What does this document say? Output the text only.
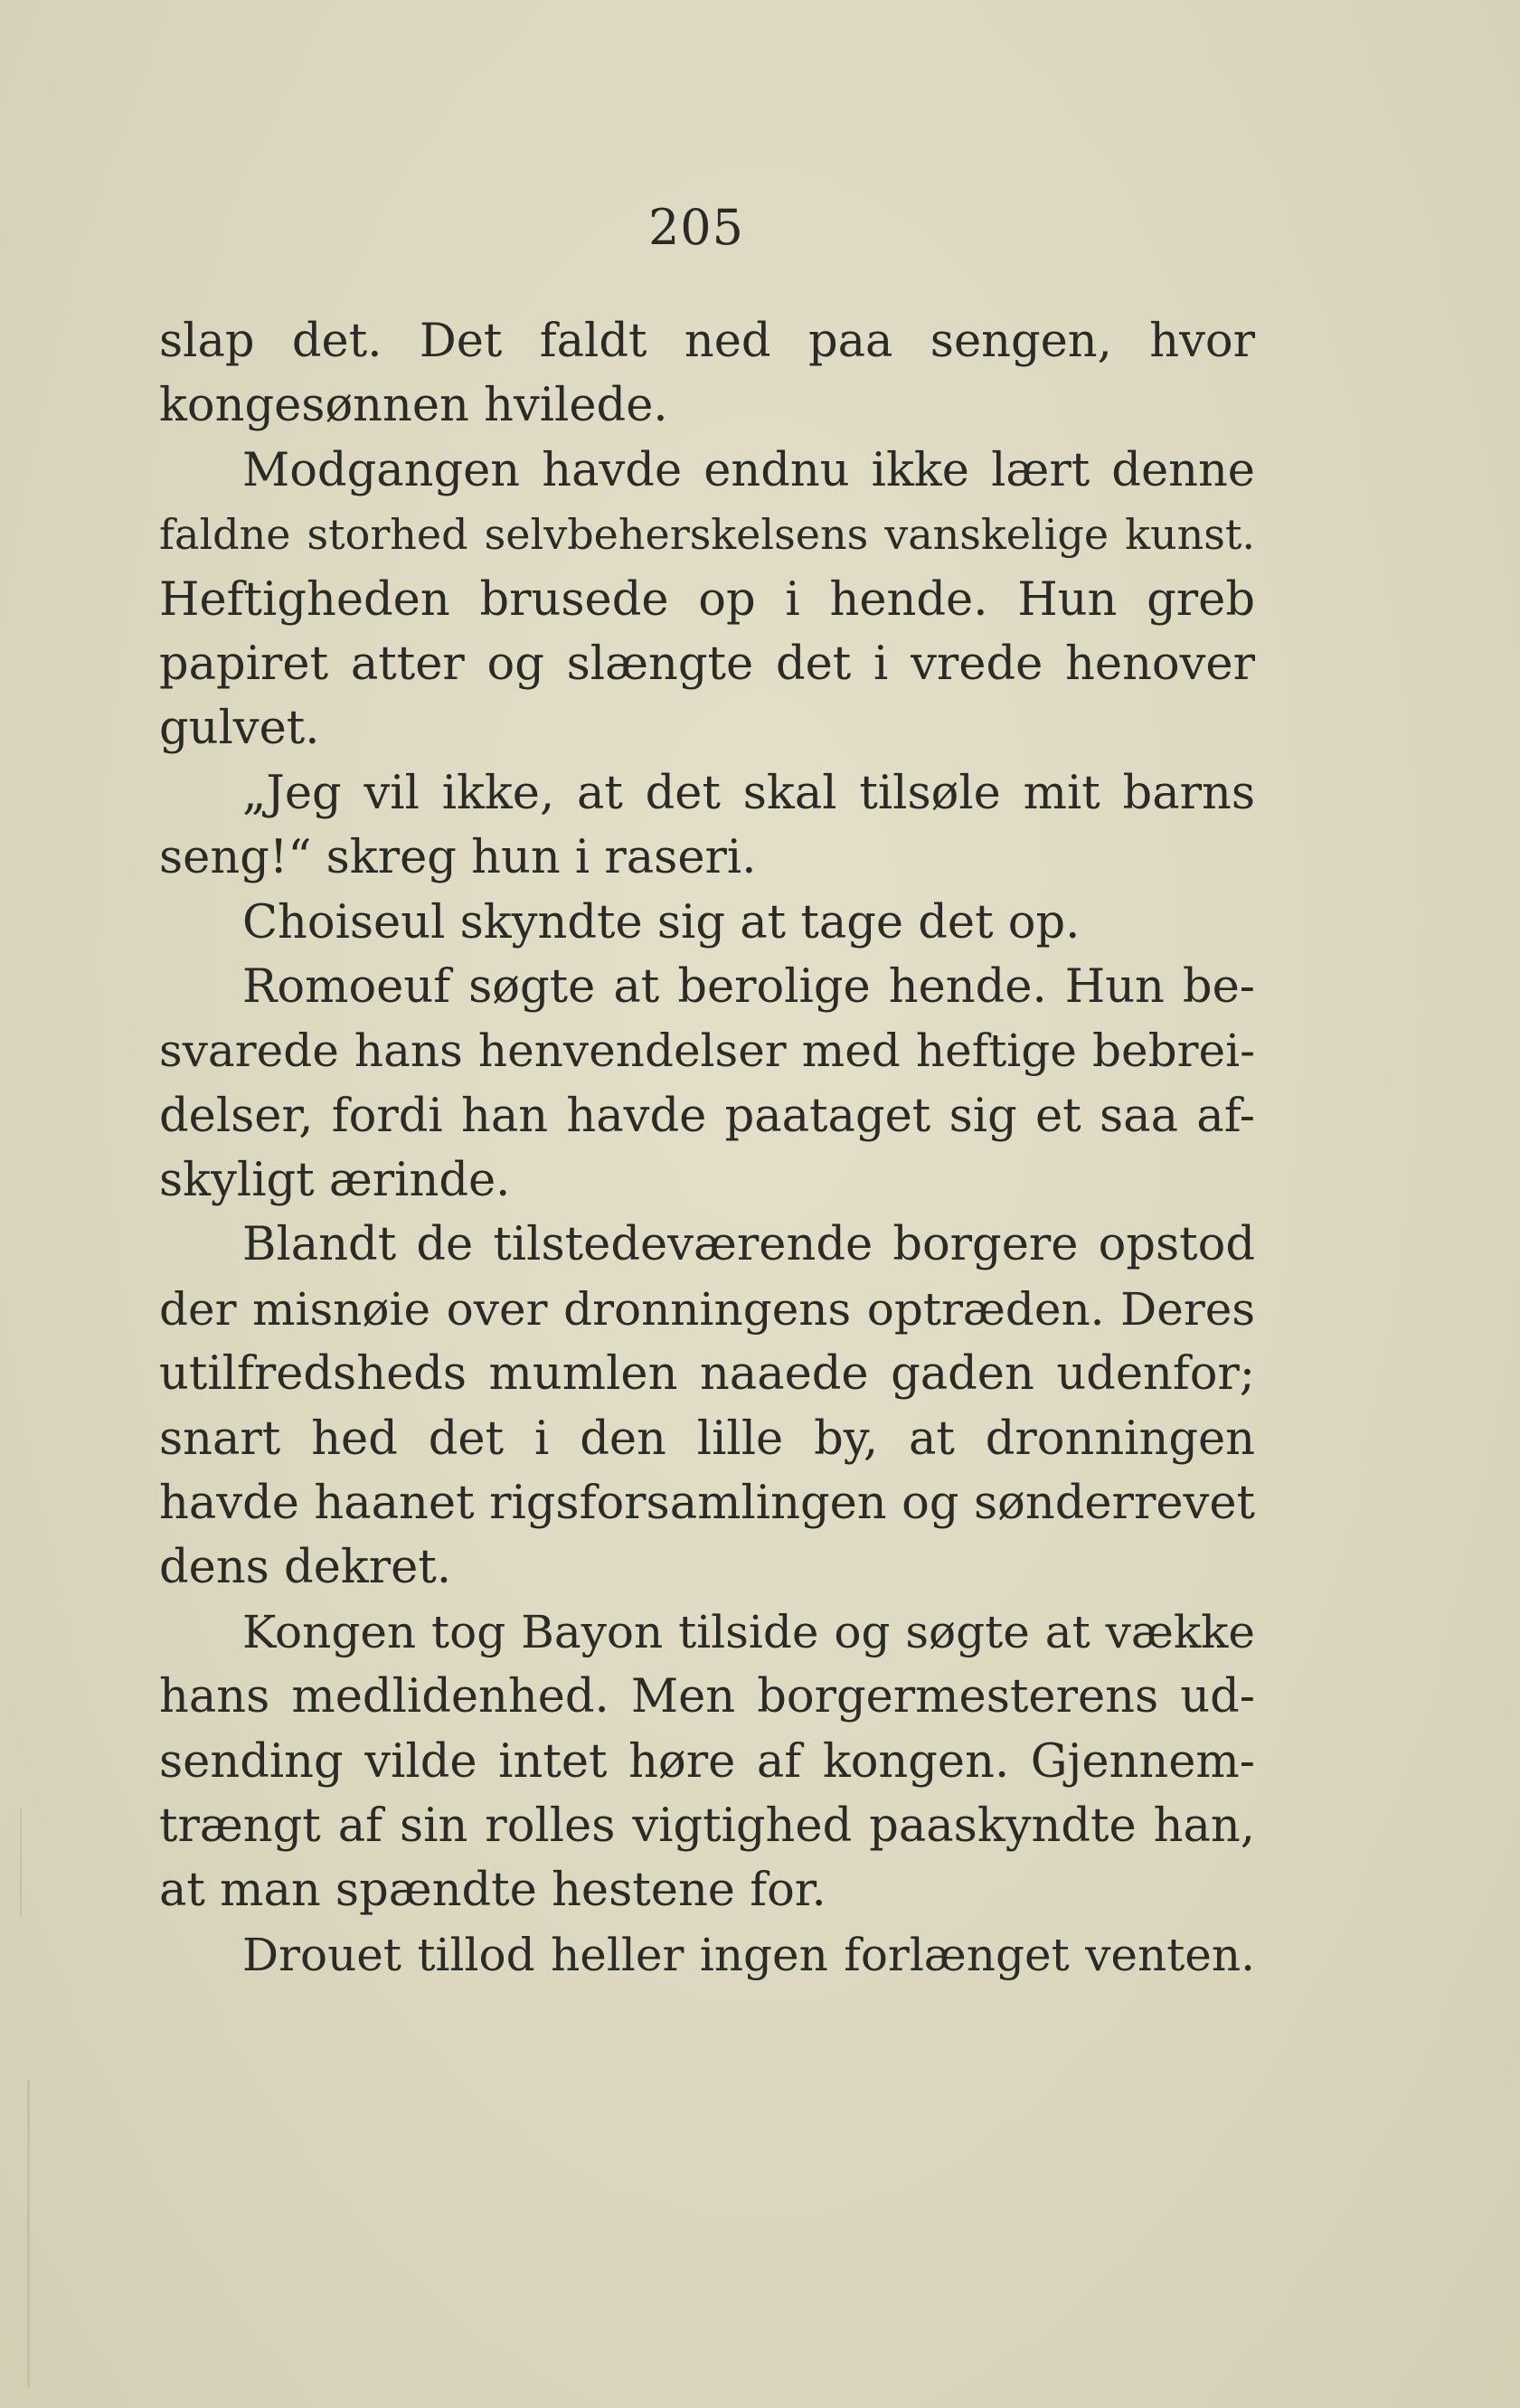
205
slap det. Det faldt ned paa sengen, hvor
kongesønnen hvilede.
Modgangen havde endnu ikke lært denne
faldne storhed selvbeherskelsens vanskelige kunst.
Heftigheden brusede op i hende. Hun greb
papiret atter og slængte det i vrede henover
gulvet.
„Jeg vil ikke, at det skal tilsøle mit barns
seng!“ skreg hun i raseri.
Choiseul skyndte sig at tage det op.
Romoeuf søgte at berolige hende. Hun be-
svarede hans henvendelser med heftige bebrei-
delser, fordi han havde paataget sig et saa af-
skyligt ærinde.
Blandt de tilstedeværende borgere opstod
der misnøie over dronningens optræden. Deres
utilfredsheds mumlen naaede gaden udenfor;
snart hed det i den lille by, at dronningen
havde haanet rigsforsamlingen og sønderrevet
dens dekret.
Kongen tog Bayon tilside og søgte at vække
hans medlidenhed. Men borgermesterens ud-
sending vilde intet høre af kongen. Gjennem-
trængt af sin rolles vigtighed paaskyndte han,
at man spændte hestene for.
Drouet tillod heller ingen forlænget venten.
